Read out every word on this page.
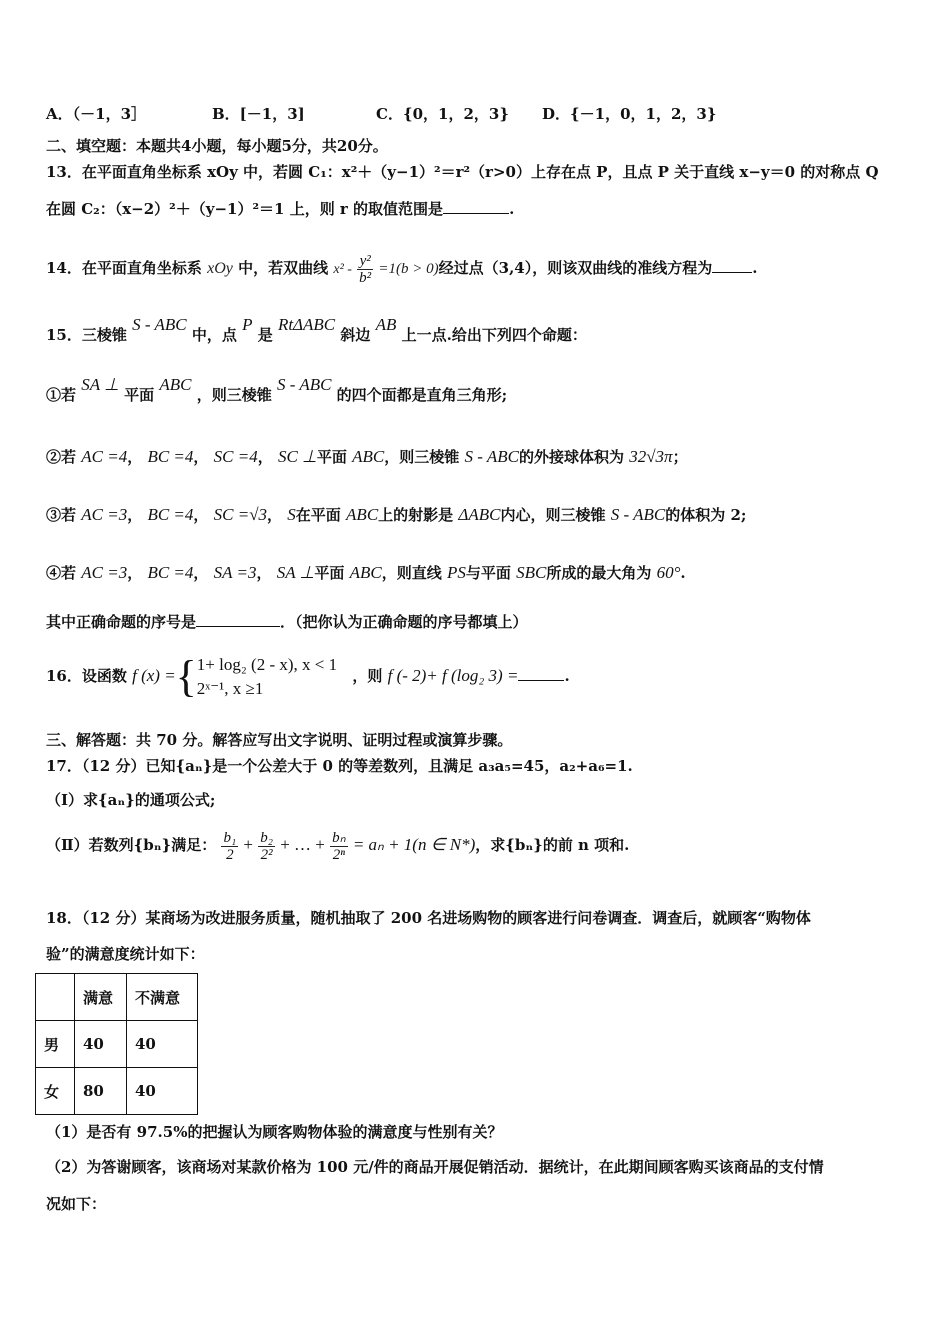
A．（－1，3］	B．[－1，3]	C．{0，1，2，3} D．{－1，0，1，2，3}
二、填空题：本题共4小题，每小题5分，共20分。
13．在平面直角坐标系 xOy 中，若圆 C₁：x²＋（y−1）²＝r²（r>0）上存在点 P，且点 P 关于直线 x−y＝0 的对称点 Q
在圆 C₂：（x−2）²＋（y−1）²＝1 上，则 r 的取值范围是	.
14．在平面直角坐标系 xOy 中，若双曲线 $x^2 - \frac{\text{y²}}{\text{b²}} =1(b > 0)$经过点（3,4），则该双曲线的准线方程为	.
15．三棱锥 S - ABC 中，点 P 是 RtΔABC 斜边 AB 上一点.给出下列四个命题：
①若 SA ⊥ 平面 ABC ，则三棱锥 S - ABC 的四个面都是直角三角形;
②若 AC =4， BC =4， SC =4， SC ⊥平面 ABC，则三棱锥 S - ABC的外接球体积为 32√3π；
③若 AC =3， BC =4， SC =√3， S在平面 ABC上的射影是 ΔABC内心，则三棱锥 S - ABC的体积为 2;
④若 AC =3， BC =4， SA =3， SA ⊥平面 ABC，则直线 PS与平面 SBC所成的最大角为 60°.
其中正确命题的序号是	．（把你认为正确命题的序号都填上）
16．设函数 f (x) ={ 1+ log₂ (2 - x), x < 1
2ˣ⁻¹, x ≥1
，则 f (- 2)+ f (log₂ 3) =	.
三、解答题：共 70 分。解答应写出文字说明、证明过程或演算步骤。
17．（12 分）已知{aₙ}是一个公差大于 0 的等差数列，且满足 a₃a₅=45，a₂+a₆=1.
（I）求{aₙ}的通项公式;
（Ⅱ）若数列{bₙ}满足： $\frac{\text{b₁}}{2} + \frac{\text{b₂}}{\text{2²}}$ + … + $\frac{\text{bₙ}}{\text{2ⁿ}} = a_n + 1(n$ ∈ N*)，求{bₙ}的前 n 项和.
18．（12 分）某商场为改进服务质量，随机抽取了 200 名进场购物的顾客进行问卷调查．调查后，就顾客“购物体
验”的满意度统计如下：
	满意	不满意
男	40	40
女	80	40
（1）是否有 97.5%的把握认为顾客购物体验的满意度与性别有关？
（2）为答谢顾客，该商场对某款价格为 100 元/件的商品开展促销活动．据统计，在此期间顾客购买该商品的支付情
况如下：
